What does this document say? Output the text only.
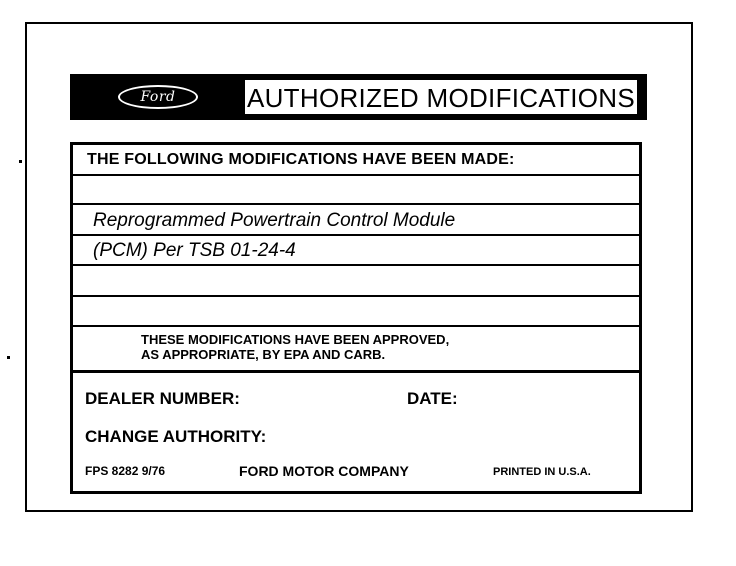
Ford	AUTHORIZED MODIFICATIONS
THE FOLLOWING MODIFICATIONS HAVE BEEN MADE:
Reprogrammed Powertrain Control Module
(PCM) Per TSB 01-24-4
THESE MODIFICATIONS HAVE BEEN APPROVED,
AS APPROPRIATE, BY EPA AND CARB.
DEALER NUMBER:	DATE:
CHANGE AUTHORITY:
FPS 8282 9/76	FORD MOTOR COMPANY	PRINTED IN U.S.A.
